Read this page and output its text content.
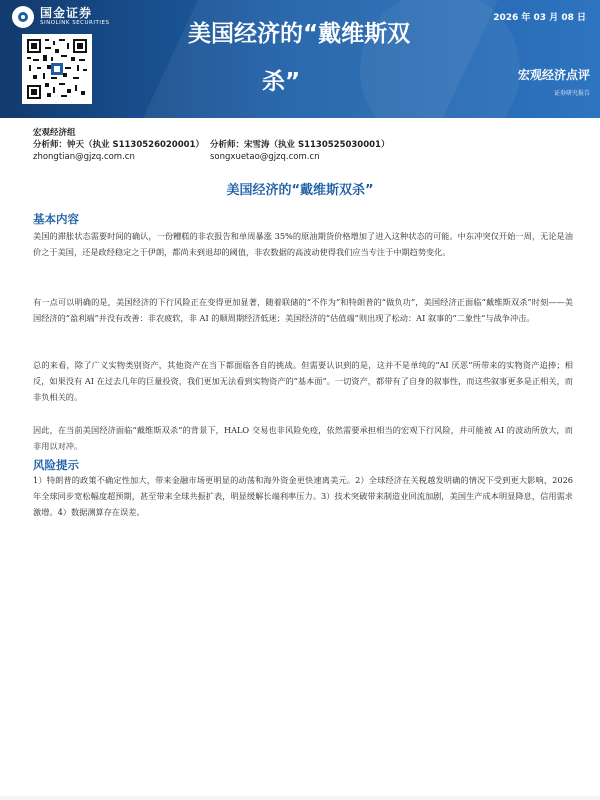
国金证券
SINOLINK SECURITIES	美国经济的“戴维斯双
杀”
2026 年 03 月 08 日
宏观经济点评
证券研究报告
宏观经济组
分析师：钟天（执业 S1130526020001）
zhongtian@gjzq.com.cn
分析师：宋雪涛（执业 S1130525030001）
songxuetao@gjzq.com.cn
美国经济的“戴维斯双杀”
基本内容

美国的滞胀状态需要时间的确认，一份糟糕的非农报告和单周暴涨 35%的原油期货价格增加了进入这种状态的可能。中东冲突仅开始一周，无论是油价之于美国，还是政经稳定之于伊朗，都尚未到退却的阈值，非农数据的高波动使得我们应当专注于中期趋势变化。

有一点可以明确的是，美国经济的下行风险正在变得更加显著，随着联储的“不作为”和特朗普的“做负功”，美国经济正面临“戴维斯双杀”时刻——美国经济的“盈利端”并没有改善：非农疲软，非 AI 的顺周期经济低迷；美国经济的“估值端”则出现了松动：AI 叙事的“二象性”与战争冲击。

总的来看，除了广义实物类别资产，其他资产在当下都面临各自的挑战。但需要认识到的是，这并不是单纯的“AI 厌恶”所带来的实物资产追捧；相反，如果没有 AI 在过去几年的巨量投资，我们更加无法看到实物资产的“基本面”。一切资产，都带有了自身的叙事性，而这些叙事更多是正相关，而非负相关的。

因此，在当前美国经济面临“戴维斯双杀”的背景下，HALO 交易也非风险免疫，依然需要承担相当的宏观下行风险，并可能被 AI 的波动所放大，而非用以对冲。

风险提示

1）特朗普的政策不确定性加大，带来金融市场更明显的动荡和海外资金更快速离美元。2）全球经济在关税越发明确的情况下受到更大影响，2026 年全球同步宽松幅度超预期，甚至带来全球共振扩表，明显缓解长端利率压力。3）技术突破带来制造业回流加剧，美国生产成本明显降息，信用需求激增。4）数据测算存在误差。
